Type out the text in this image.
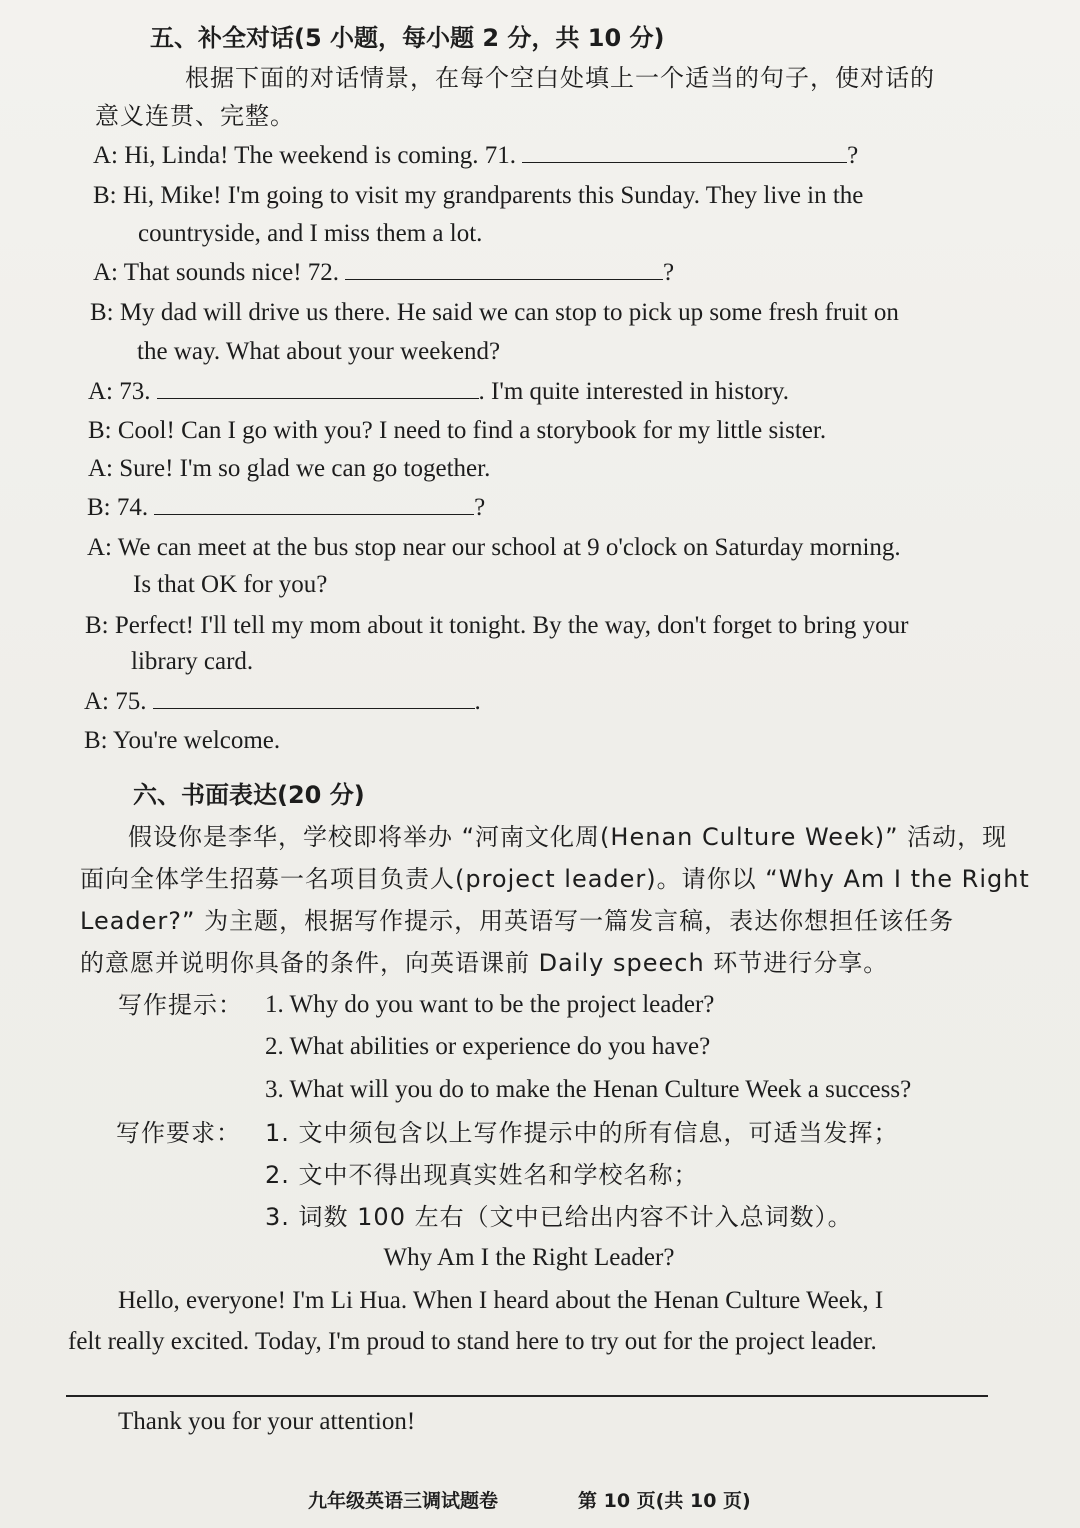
五、补全对话(5 小题，每小题 2 分，共 10 分)
根据下面的对话情景，在每个空白处填上一个适当的句子，使对话的
意义连贯、完整。
A: Hi, Linda! The weekend is coming. 71.	?
B: Hi, Mike! I'm going to visit my grandparents this Sunday. They live in the
countryside, and I miss them a lot.
A: That sounds nice! 72.	?
B: My dad will drive us there. He said we can stop to pick up some fresh fruit on
the way. What about your weekend?
A: 73.	. I'm quite interested in history.
B: Cool! Can I go with you? I need to find a storybook for my little sister.
A: Sure! I'm so glad we can go together.
B: 74.	?
A: We can meet at the bus stop near our school at 9 o'clock on Saturday morning.
Is that OK for you?
B: Perfect! I'll tell my mom about it tonight. By the way, don't forget to bring your
library card.
A: 75.	.
B: You're welcome.
六、书面表达(20 分)
假设你是李华，学校即将举办 “河南文化周(Henan Culture Week)” 活动，现
面向全体学生招募一名项目负责人(project leader)。请你以 “Why Am I the Right
Leader?” 为主题，根据写作提示，用英语写一篇发言稿，表达你想担任该任务
的意愿并说明你具备的条件，向英语课前 Daily speech 环节进行分享。
写作提示： 1. Why do you want to be the project leader?
2. What abilities or experience do you have?
3. What will you do to make the Henan Culture Week a success?
写作要求： 1. 文中须包含以上写作提示中的所有信息，可适当发挥；
2. 文中不得出现真实姓名和学校名称；
3. 词数 100 左右（文中已给出内容不计入总词数）。
Why Am I the Right Leader?
Hello, everyone! I'm Li Hua. When I heard about the Henan Culture Week, I
felt really excited. Today, I'm proud to stand here to try out for the project leader.
Thank you for your attention!
九年级英语三调试题卷	第 10 页(共 10 页)
